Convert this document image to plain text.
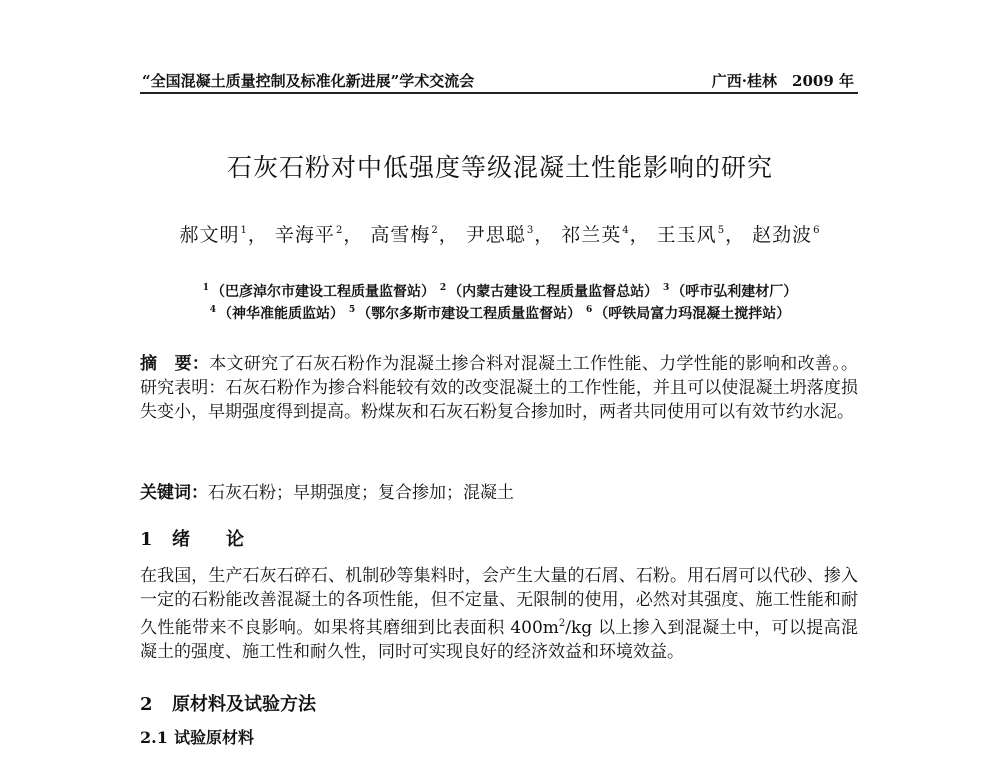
“全国混凝土质量控制及标准化新进展”学术交流会	广西·桂林　2009 年
石灰石粉对中低强度等级混凝土性能影响的研究
郝文明$^1$， 辛海平$^2$， 高雪梅$^2$， 尹思聪$^3$， 祁兰英$^4$， 王玉风$^5$， 赵劲波$^6$
$^1$ （巴彦淖尔市建设工程质量监督站） $^2$ （内蒙古建设工程质量监督总站） $^3$ （呼市弘利建材厂）
$^4$ （神华准能质监站） $^5$ （鄂尔多斯市建设工程质量监督站） $^6$ （呼铁局富力玛混凝土搅拌站）
摘　要：本文研究了石灰石粉作为混凝土掺合料对混凝土工作性能、力学性能的影响和改善。。研究表明：石灰石粉作为掺合料能较有效的改变混凝土的工作性能，并且可以使混凝土坍落度损失变小，早期强度得到提高。粉煤灰和石灰石粉复合掺加时，两者共同使用可以有效节约水泥。
关键词：石灰石粉；早期强度；复合掺加；混凝土
1 绪　　论
在我国，生产石灰石碎石、机制砂等集料时，会产生大量的石屑、石粉。用石屑可以代砂、掺入一定的石粉能改善混凝土的各项性能，但不定量、无限制的使用，必然对其强度、施工性能和耐久性能带来不良影响。如果将其磨细到比表面积 $400m^2/kg$ 以上掺入到混凝土中，可以提高混凝土的强度、施工性和耐久性，同时可实现良好的经济效益和环境效益。
2 原材料及试验方法
2.1 试验原材料
